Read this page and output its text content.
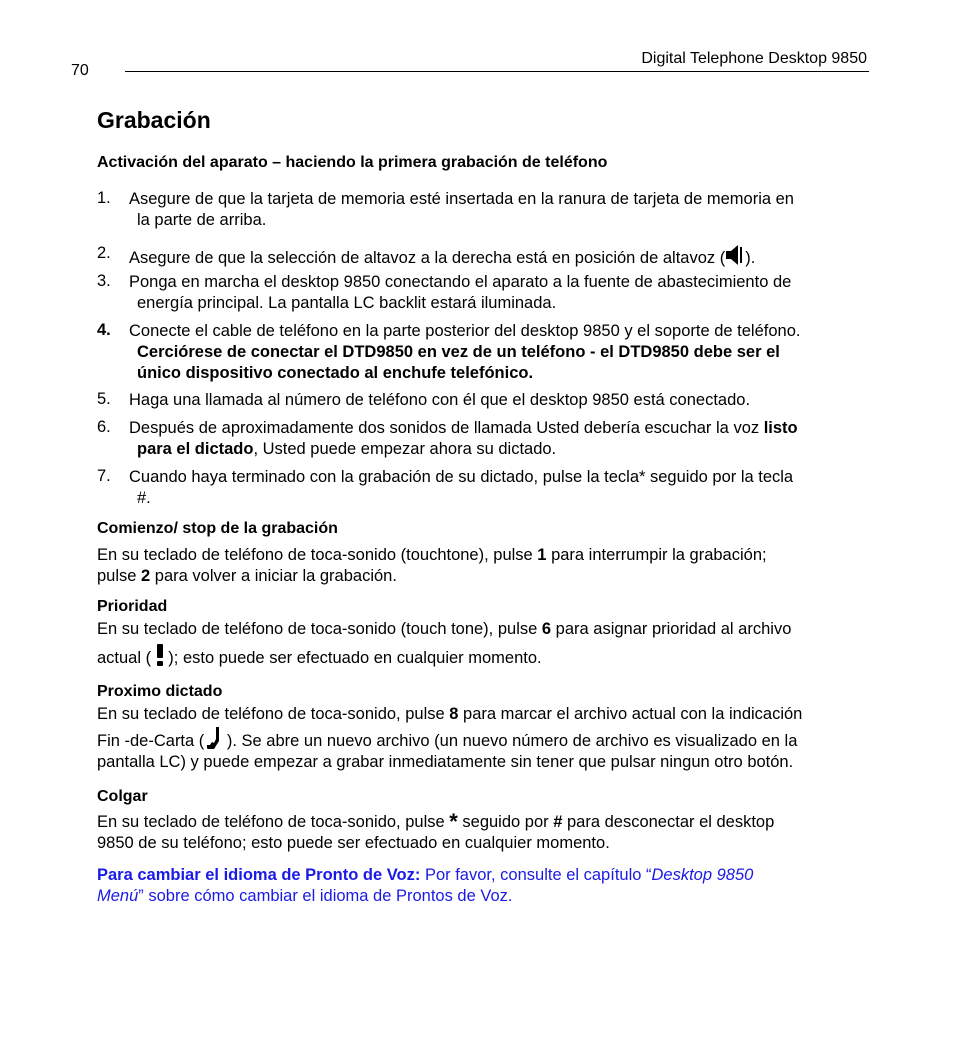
70
Digital Telephone Desktop 9850
Grabación
Activación del aparato – haciendo la primera grabación de teléfono
1. Asegure de que la tarjeta de memoria esté insertada en la ranura de tarjeta de memoria en
la parte de arriba.
2. Asegure de que la selección de altavoz a la derecha está en posición de altavoz ( ).
3. Ponga en marcha el desktop 9850 conectando el aparato a la fuente de abastecimiento de
energía principal. La pantalla LC backlit estará iluminada.
4. Conecte el cable de teléfono en la parte posterior del desktop 9850 y el soporte de teléfono.
Cerciórese de conectar el DTD9850 en vez de un teléfono - el DTD9850 debe ser el
único dispositivo conectado al enchufe telefónico.
5. Haga una llamada al número de teléfono con él que el desktop 9850 está conectado.
6. Después de aproximadamente dos sonidos de llamada Usted debería escuchar la voz listo
para el dictado, Usted puede empezar ahora su dictado.
7. Cuando haya terminado con la grabación de su dictado, pulse la tecla* seguido por la tecla
#.
Comienzo/ stop de la grabación
En su teclado de teléfono de toca-sonido (touchtone), pulse 1 para interrumpir la grabación;
pulse 2 para volver a iniciar la grabación.
Prioridad
En su teclado de teléfono de toca-sonido (touch tone), pulse 6 para asignar prioridad al archivo
actual (  ); esto puede ser efectuado en cualquier momento.
Proximo dictado
En su teclado de teléfono de toca-sonido, pulse 8 para marcar el archivo actual con la indicación
Fin -de-Carta ( ). Se abre un nuevo archivo (un nuevo número de archivo es visualizado en la
pantalla LC) y puede empezar a grabar inmediatamente sin tener que pulsar ningun otro botón.
Colgar
En su teclado de teléfono de toca-sonido, pulse * seguido por # para desconectar el desktop
9850 de su teléfono; esto puede ser efectuado en cualquier momento.
Para cambiar el idioma de Pronto de Voz: Por favor, consulte el capítulo “Desktop 9850
Menú” sobre cómo cambiar el idioma de Prontos de Voz.
